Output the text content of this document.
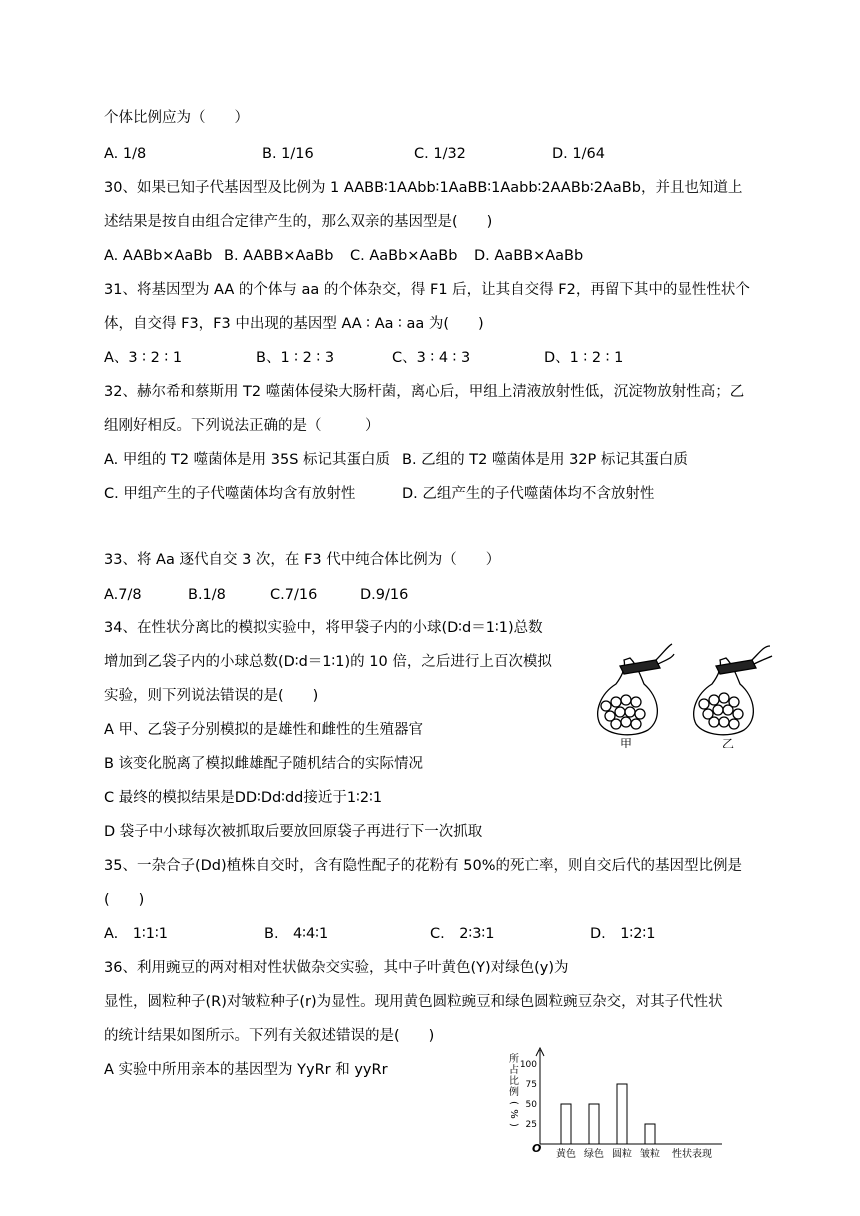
个体比例应为（　　）
A. 1/8	B. 1/16	C. 1/32	D. 1/64
30、如果已知子代基因型及比例为 1 AABB∶1AAbb∶1AaBB∶1Aabb∶2AABb∶2AaBb，并且也知道上
述结果是按自由组合定律产生的，那么双亲的基因型是(　　)
A. AABb×AaBb B. AABB×AaBb C. AaBb×AaBb D. AaBB×AaBb
31、将基因型为 AA 的个体与 aa 的个体杂交，得 F1 后，让其自交得 F2，再留下其中的显性性状个
体，自交得 F3，F3 中出现的基因型 AA ∶ Aa ∶ aa 为(　　)
A、3 ∶ 2 ∶ 1	B、1 ∶ 2 ∶ 3	C、3 ∶ 4 ∶ 3	D、1 ∶ 2 ∶ 1
32、赫尔希和蔡斯用 T2 噬菌体侵染大肠杆菌，离心后，甲组上清液放射性低，沉淀物放射性高；乙
组刚好相反。下列说法正确的是（　　　）
A. 甲组的 T2 噬菌体是用 35S 标记其蛋白质 B. 乙组的 T2 噬菌体是用 32P 标记其蛋白质
C. 甲组产生的子代噬菌体均含有放射性	D. 乙组产生的子代噬菌体均不含放射性
33、将 Aa 逐代自交 3 次，在 F3 代中纯合体比例为（　　）
A.7/8	B.1/8	C.7/16	D.9/16
34、在性状分离比的模拟实验中，将甲袋子内的小球(D∶d＝1∶1)总数
增加到乙袋子内的小球总数(D∶d＝1∶1)的 10 倍，之后进行上百次模拟
实验，则下列说法错误的是(　　)
A 甲、乙袋子分别模拟的是雄性和雌性的生殖器官
B 该变化脱离了模拟雌雄配子随机结合的实际情况
C 最终的模拟结果是DD∶Dd∶dd接近于1∶2∶1
D 袋子中小球每次被抓取后要放回原袋子再进行下一次抓取
甲	乙
35、一杂合子(Dd)植株自交时，含有隐性配子的花粉有 50%的死亡率，则自交后代的基因型比例是
(　　)
A.　1∶1∶1	B.　4∶4∶1	C.　2∶3∶1	D.　1∶2∶1
36、利用豌豆的两对相对性状做杂交实验，其中子叶黄色(Y)对绿色(y)为
显性，圆粒种子(R)对皱粒种子(r)为显性。现用黄色圆粒豌豆和绿色圆粒豌豆杂交，对其子代性状
的统计结果如图所示。下列有关叙述错误的是(　　)
A 实验中所用亲本的基因型为 YyRr 和 yyRr
所
占
比
例
(
%
)
O
25
50
75
100
黄色 绿色 圆粒 皱粒 性状表现
